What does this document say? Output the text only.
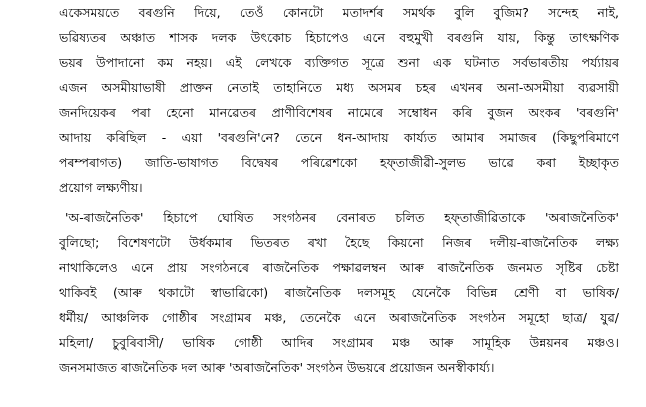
একেসময়তে বৰগুনি দিয়ে, তেওঁ কোনটো মতাদৰ্শৰ সমৰ্থক বুলি বুজিম? সন্দেহ নাই,
ভৱিষ্যতৰ অঞ্চাত শাসক দলক উৎকোচ হিচাপেও এনে বহুমুখী বৰগুনি যায়, কিন্তু তাৎক্ষণিক
ভয়ৰ উপাদানো কম নহয়। এই লেখকে ব্যক্তিগত সূত্ৰে শুনা এক ঘটনাত সৰ্বভাৰতীয় পৰ্য্যায়ৰ
এজন অসমীয়াভাষী প্ৰাক্তন নেতাই তাহানিতে মধ্য অসমৰ চহৰ এখনৰ অনা-অসমীয়া ব্যৱসায়ী
জনদিয়েকৰ পৰা হেনো মানৱেতৰ প্ৰাণীবিশেষৰ নামেৰে সম্বোধন কৰি বুজন অংকৰ 'বৰগুনি'
আদায় কৰিছিল - এয়া 'বৰগুনি'নে? তেনে ধন-আদায় কাৰ্য্যত আমাৰ সমাজৰ (কিছুপৰিমাণে
পৰম্পৰাগত) জাতি-ভাষাগত বিদ্বেষৰ পৰিৱেশকো হফ্তাজীৱী-সুলভ ভাৱে কৰা ইচ্ছাকৃত
প্ৰয়োগ লক্ষ্যণীয়।
'অ-ৰাজনৈতিক' হিচাপে ঘোষিত সংগঠনৰ বেনাৰত চলিত হফ্তাজীৱিতাকে 'অৰাজনৈতিক'
বুলিছো; বিশেষণটো উৰ্ধকমাৰ ভিতৰত ৰখা হৈছে কিয়নো নিজৰ দলীয়-ৰাজনৈতিক লক্ষ্য
নাথাকিলেও এনে প্ৰায় সংগঠনৰে ৰাজনৈতিক পক্ষাৱলম্বন আৰু ৰাজনৈতিক জনমত সৃষ্টিৰ চেষ্টা
থাকিবই (আৰু থকাটো স্বাভাৱিকো) ৰাজনৈতিক দলসমূহ যেনেকৈ বিভিন্ন শ্ৰেণী বা ভাষিক/
ধৰ্মীয়/ আঞ্চলিক গোষ্ঠীৰ সংগ্ৰামৰ মঞ্চ, তেনেকৈ এনে অৰাজনৈতিক সংগঠন সমূহো ছাত্ৰ/ যুৱ/
মহিলা/ চুবুৰিবাসী/ ভাষিক গোষ্ঠী আদিৰ সংগ্ৰামৰ মঞ্চ আৰু সামূহিক উন্নয়নৰ মঞ্চও।
জনসমাজত ৰাজনৈতিক দল আৰু 'অৰাজনৈতিক' সংগঠন উভয়ৰে প্ৰয়োজন অনস্বীকাৰ্য্য।
